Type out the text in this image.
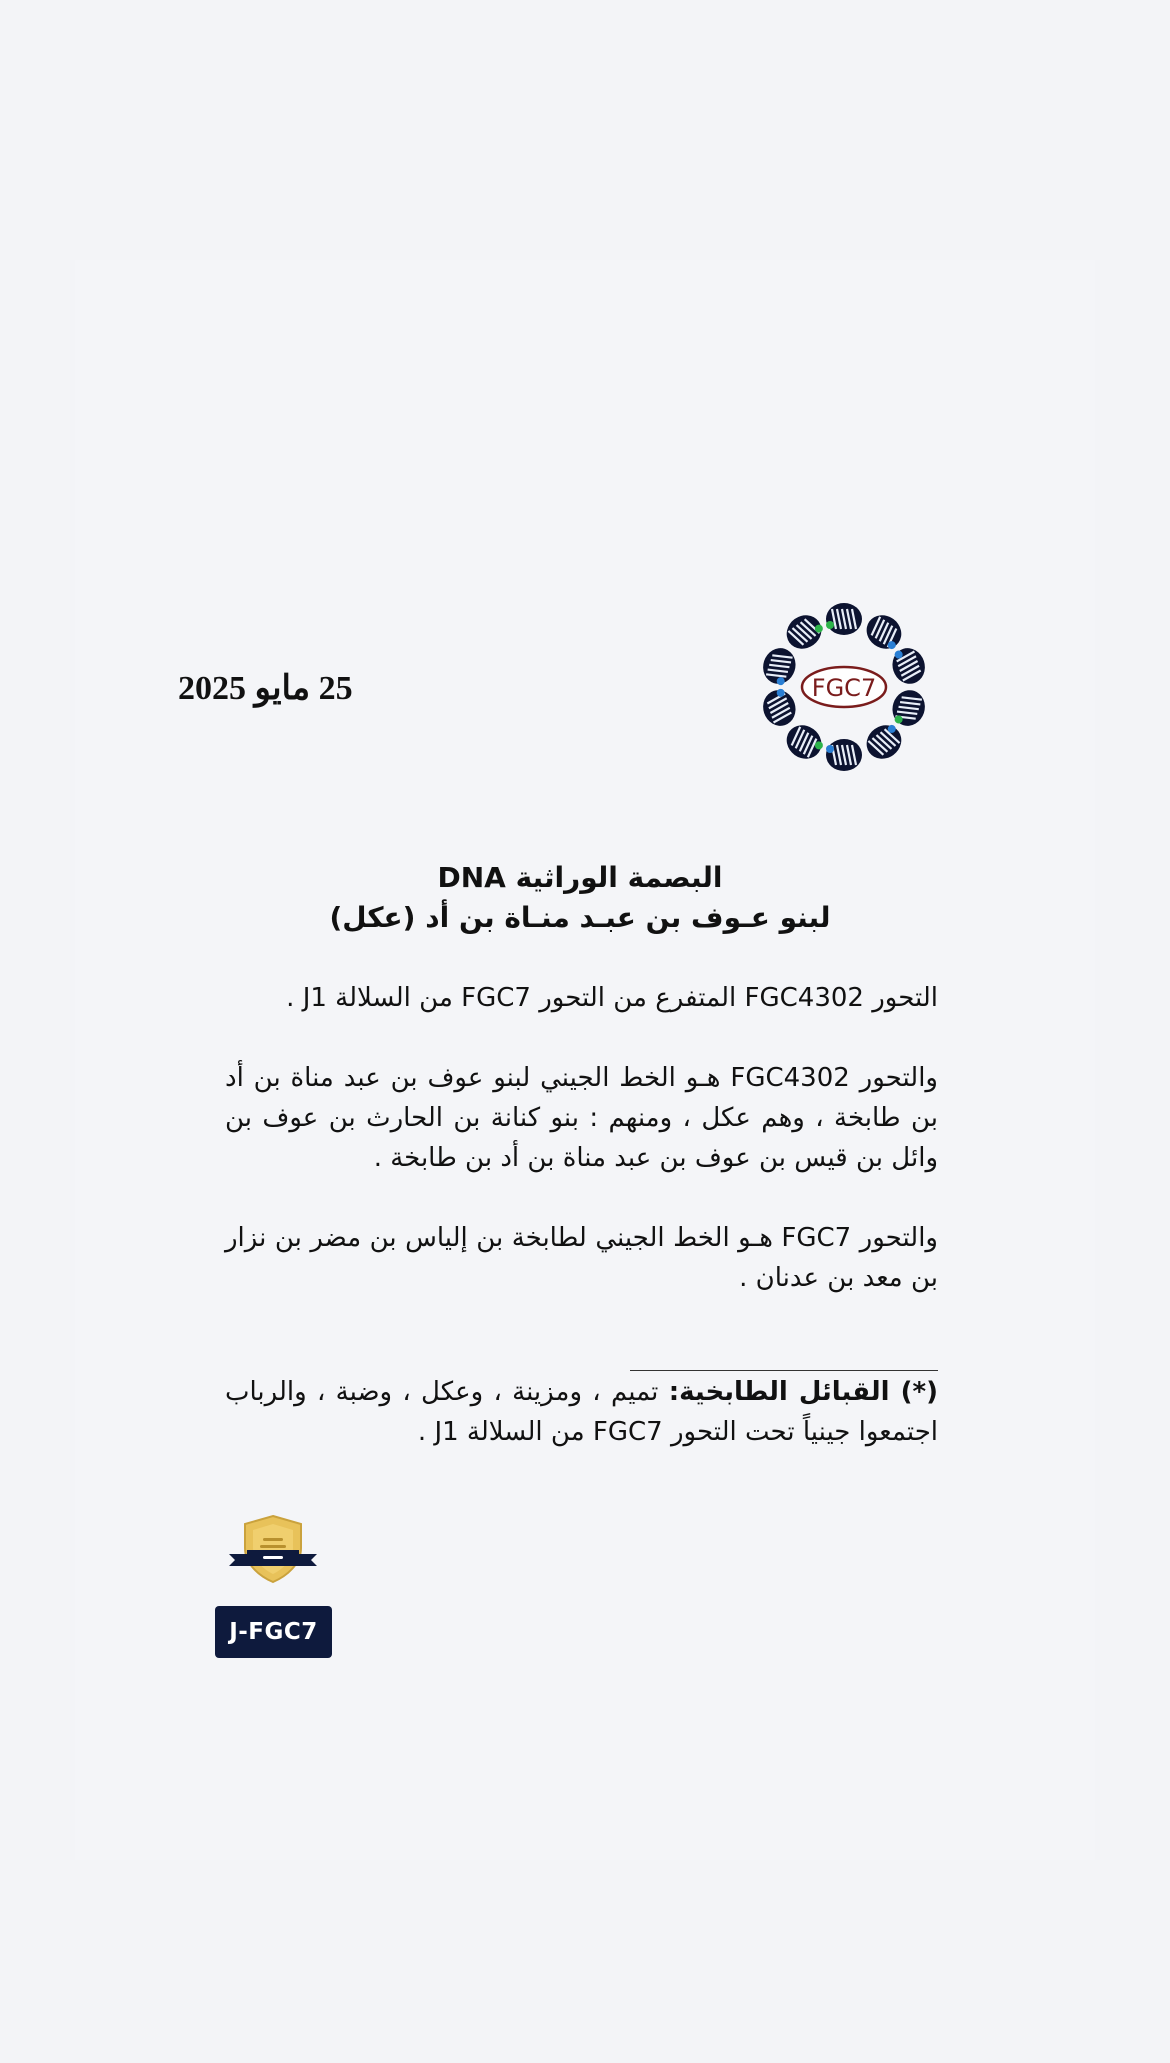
FGC7
25 مايو 2025
البصمة الوراثية DNA
لبنو عـوف بن عبـد منـاة بن أد (عكل)
التحور FGC4302 المتفرع من التحور FGC7 من السلالة J1 .
والتحور FGC4302 هـو الخط الجيني لبنو عوف بن عبد مناة بن أد بن طابخة ، وهم عكل ، ومنهم : بنو كنانة بن الحارث بن عوف بن وائل بن قيس بن عوف بن عبد مناة بن أد بن طابخة .
والتحور FGC7 هـو الخط الجيني لطابخة بن إلياس بن مضر بن نزار بن معد بن عدنان .
(*) القبائل الطابخية: تميم ، ومزينة ، وعكل ، وضبة ، والرباب اجتمعوا جينياً تحت التحور FGC7 من السلالة J1 .
J-FGC7
